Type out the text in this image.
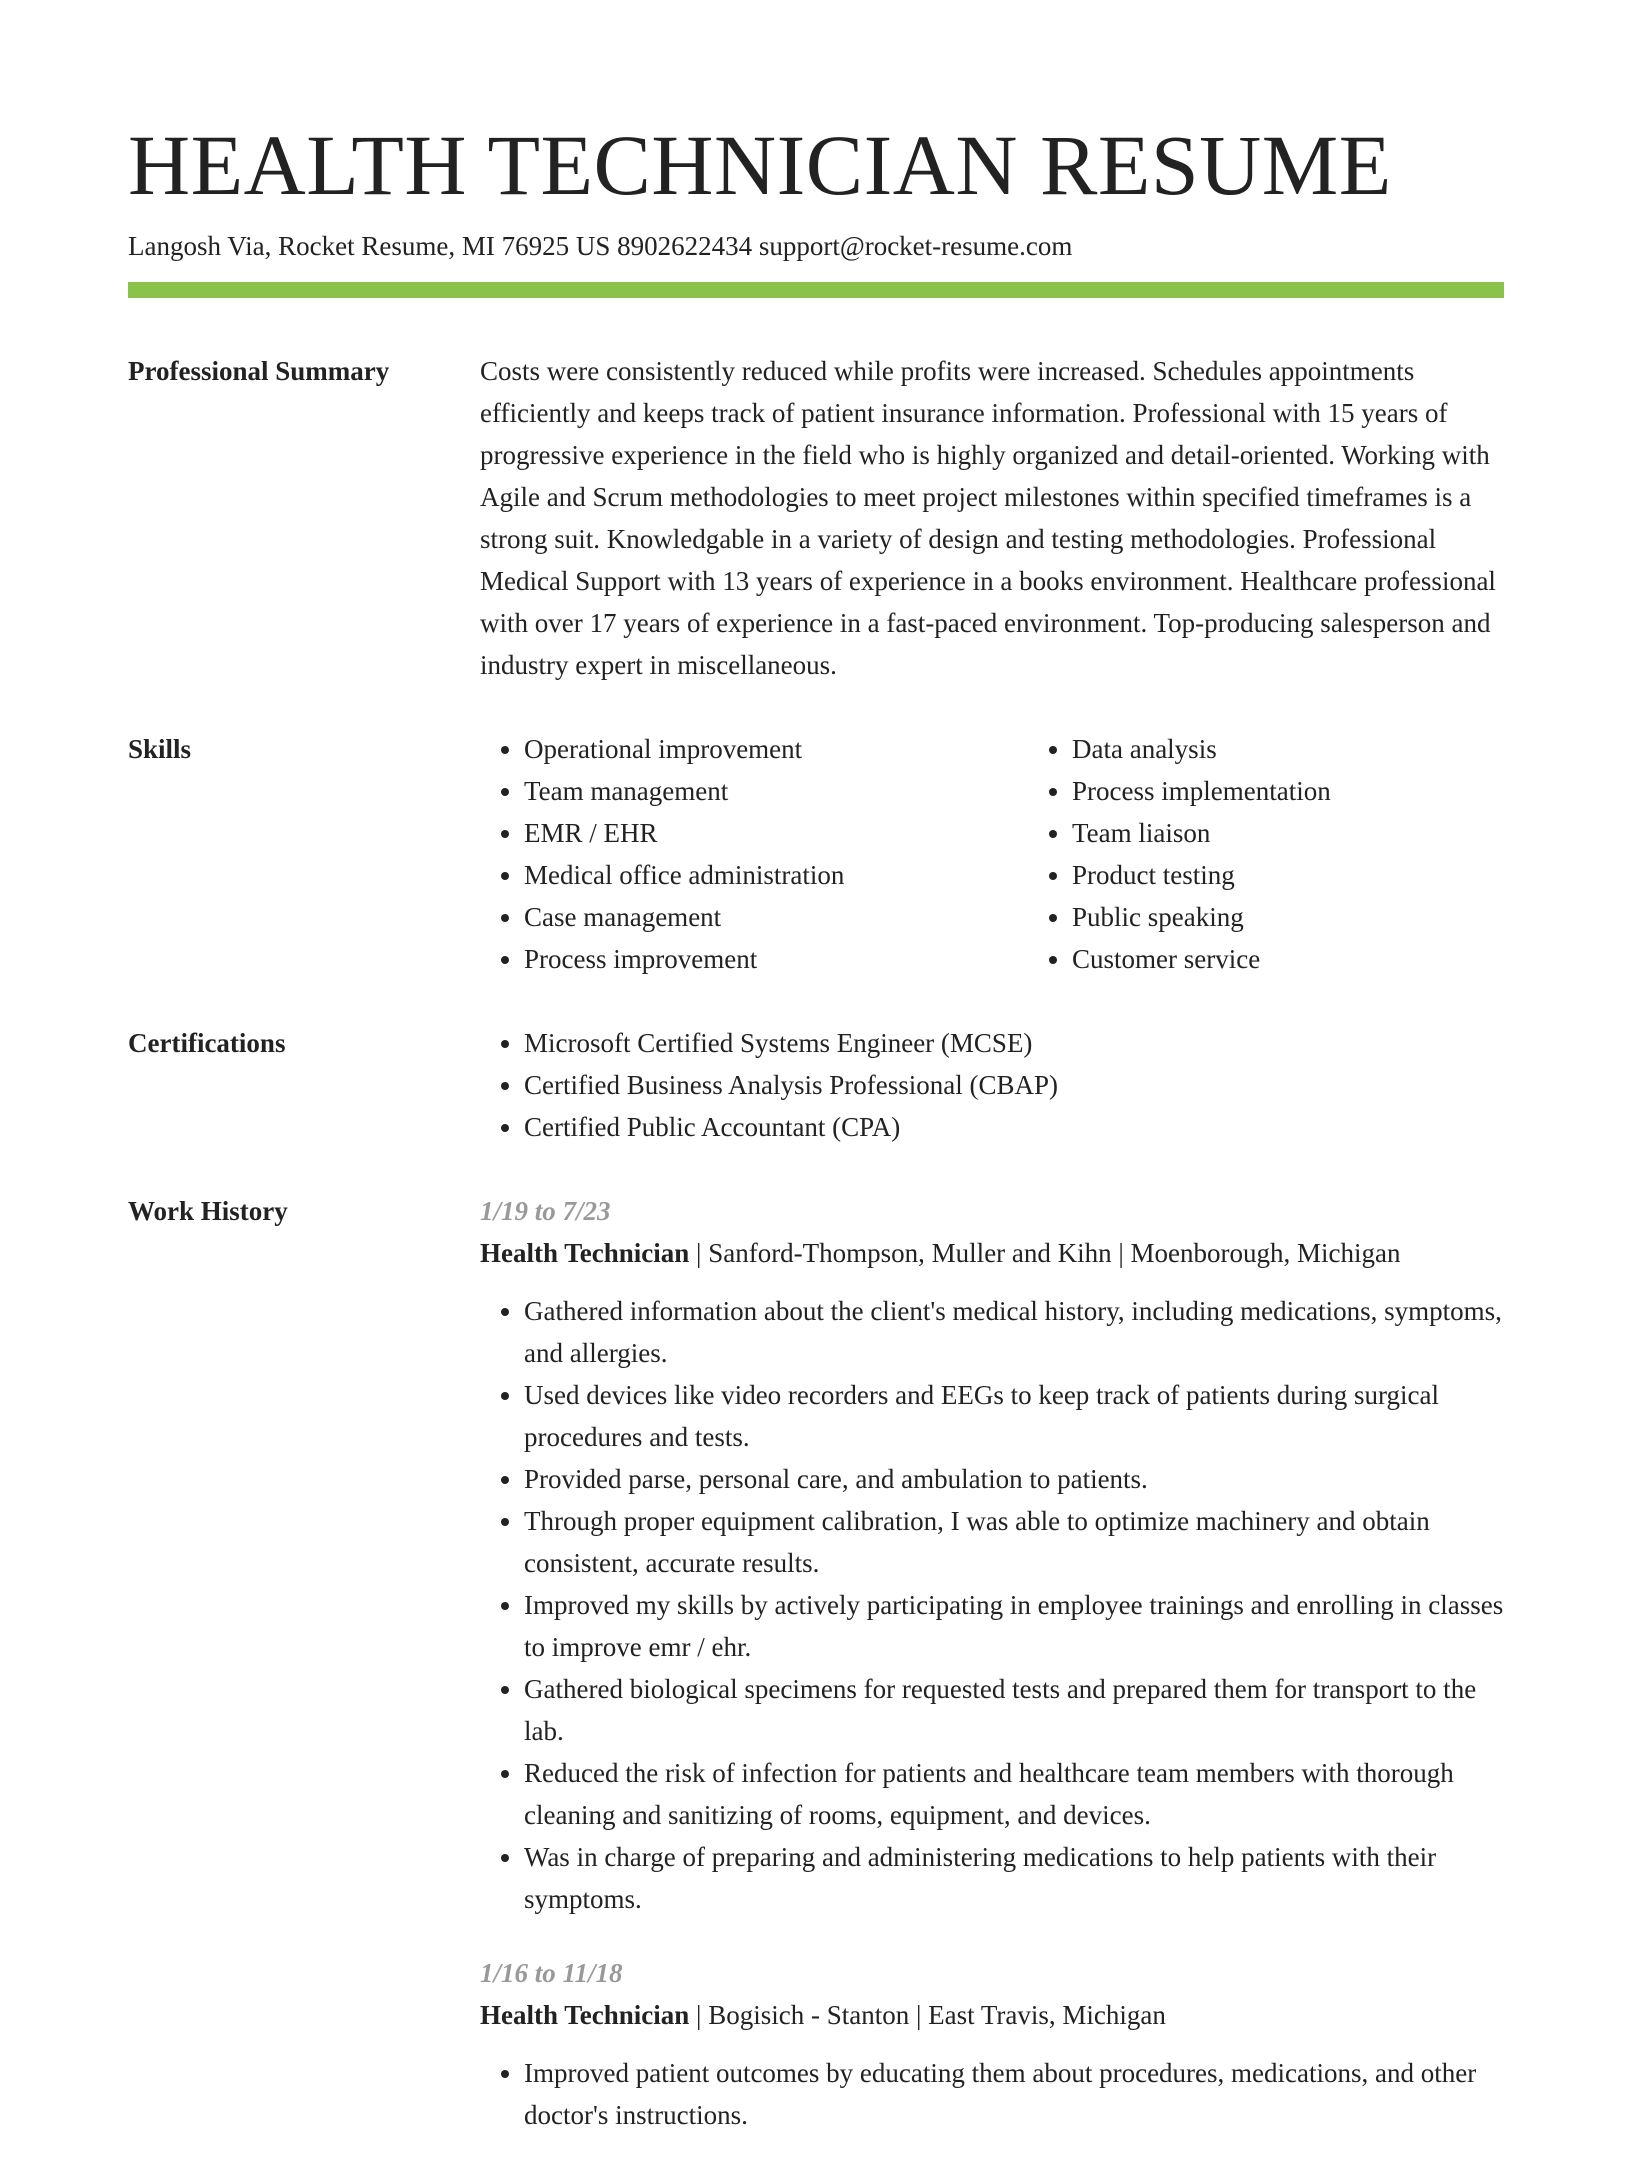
HEALTH TECHNICIAN RESUME
Langosh Via, Rocket Resume, MI 76925 US 8902622434 support@rocket-resume.com
Professional Summary	Costs were consistently reduced while profits were increased. Schedules appointments efficiently and keeps track of patient insurance information. Professional with 15 years of progressive experience in the field who is highly organized and detail-oriented. Working with Agile and Scrum methodologies to meet project milestones within specified timeframes is a strong suit. Knowledgable in a variety of design and testing methodologies. Professional Medical Support with 13 years of experience in a books environment. Healthcare professional with over 17 years of experience in a fast-paced environment. Top-producing salesperson and industry expert in miscellaneous.

Skills	• Operational improvement
• Team management
• EMR / EHR
• Medical office administration
• Case management
• Process improvement
• Data analysis
• Process implementation
• Team liaison
• Product testing
• Public speaking
• Customer service
Certifications	• Microsoft Certified Systems Engineer (MCSE)
• Certified Business Analysis Professional (CBAP)
• Certified Public Accountant (CPA)
Work History	1/19 to 7/23
Health Technician | Sanford-Thompson, Muller and Kihn | Moenborough, Michigan
• Gathered information about the client's medical history, including medications, symptoms, and allergies.
• Used devices like video recorders and EEGs to keep track of patients during surgical procedures and tests.
• Provided parse, personal care, and ambulation to patients.
• Through proper equipment calibration, I was able to optimize machinery and obtain consistent, accurate results.
• Improved my skills by actively participating in employee trainings and enrolling in classes to improve emr / ehr.
• Gathered biological specimens for requested tests and prepared them for transport to the lab.
• Reduced the risk of infection for patients and healthcare team members with thorough cleaning and sanitizing of rooms, equipment, and devices.
• Was in charge of preparing and administering medications to help patients with their symptoms.
1/16 to 11/18
Health Technician | Bogisich - Stanton | East Travis, Michigan
• Improved patient outcomes by educating them about procedures, medications, and other doctor's instructions.
